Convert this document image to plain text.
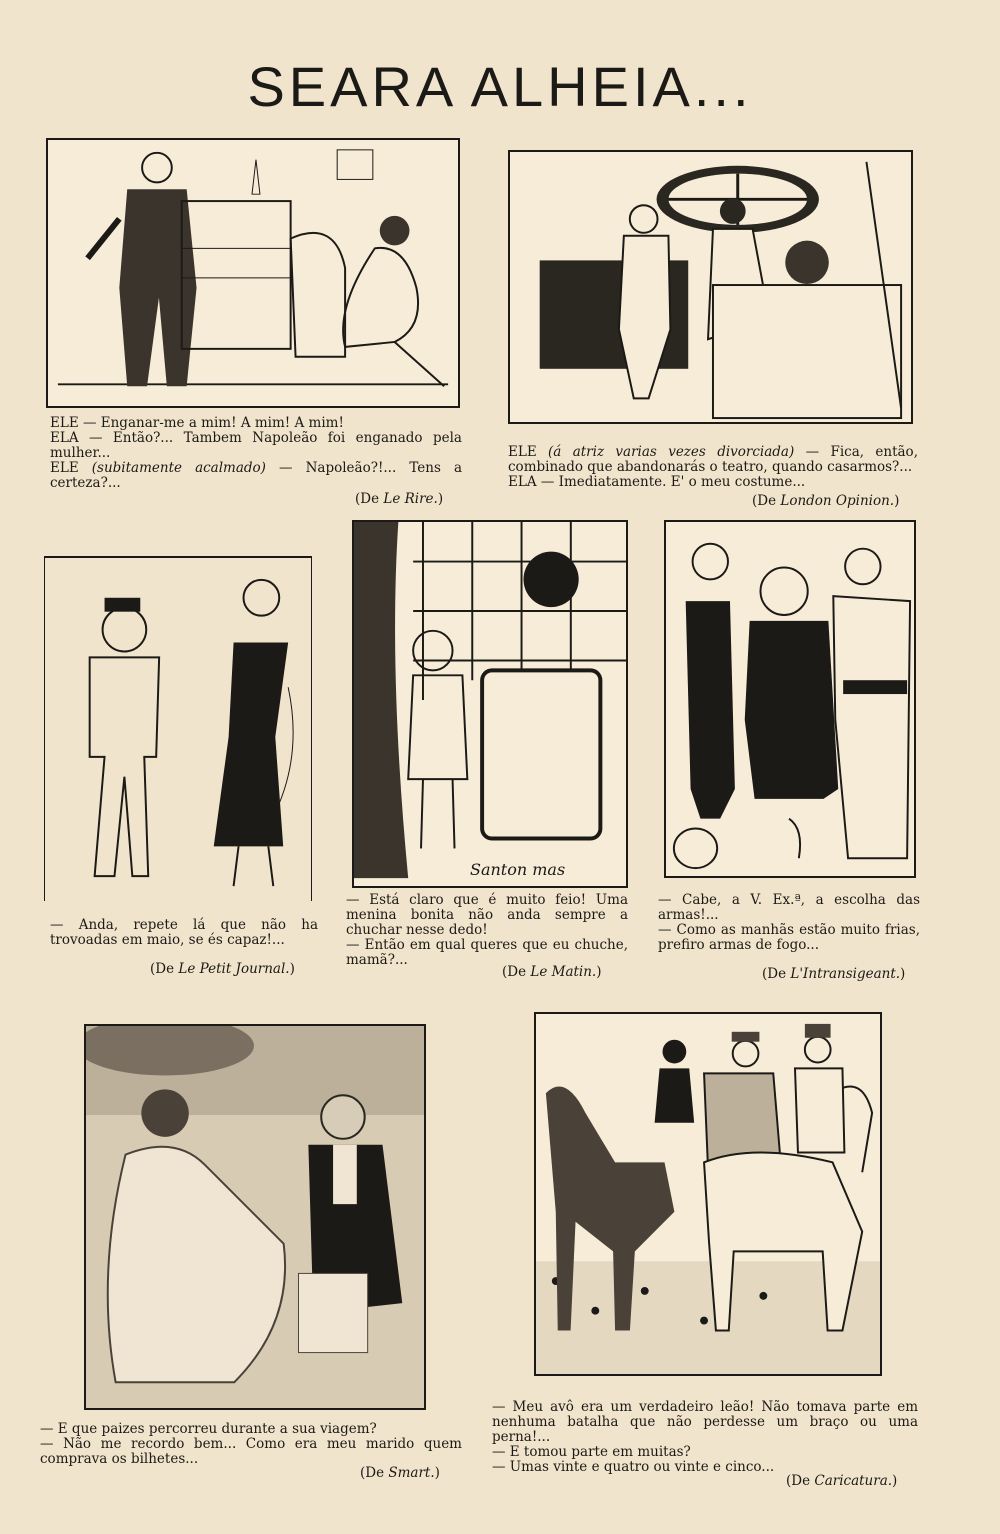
SEARA ALHEIA...

ELE — Enganar-me a mim! A mim! A mim!

ELA — Então?... Tambem Napoleão foi enganado pela mulher...

ELE (subitamente acalmado) — Napoleão?!... Tens a certeza?...

(De Le Rire.)

ELE (á atriz varias vezes divorciada) — Fica, então, combinado que abandonarás o teatro, quando casarmos?...

ELA — Imediatamente. E' o meu costume...

(De London Opinion.)

— Anda, repete lá que não ha trovoadas em maio, se és capaz!...

(De Le Petit Journal.)
Santon mas

— Está claro que é muito feio! Uma menina bonita não anda sempre a chuchar nesse dedo!

— Então em qual queres que eu chuche, mamã?...

(De Le Matin.)

— Cabe, a V. Ex.ª, a escolha das armas!...

— Como as manhãs estão muito frias, prefiro armas de fogo...

(De L'Intransigeant.)

— E que paizes percorreu durante a sua viagem?

— Não me recordo bem... Como era meu marido quem comprava os bilhetes...

(De Smart.)

— Meu avô era um verdadeiro leão! Não tomava parte em nenhuma batalha que não perdesse um braço ou uma perna!...

— E tomou parte em muitas?

— Umas vinte e quatro ou vinte e cinco...

(De Caricatura.)
